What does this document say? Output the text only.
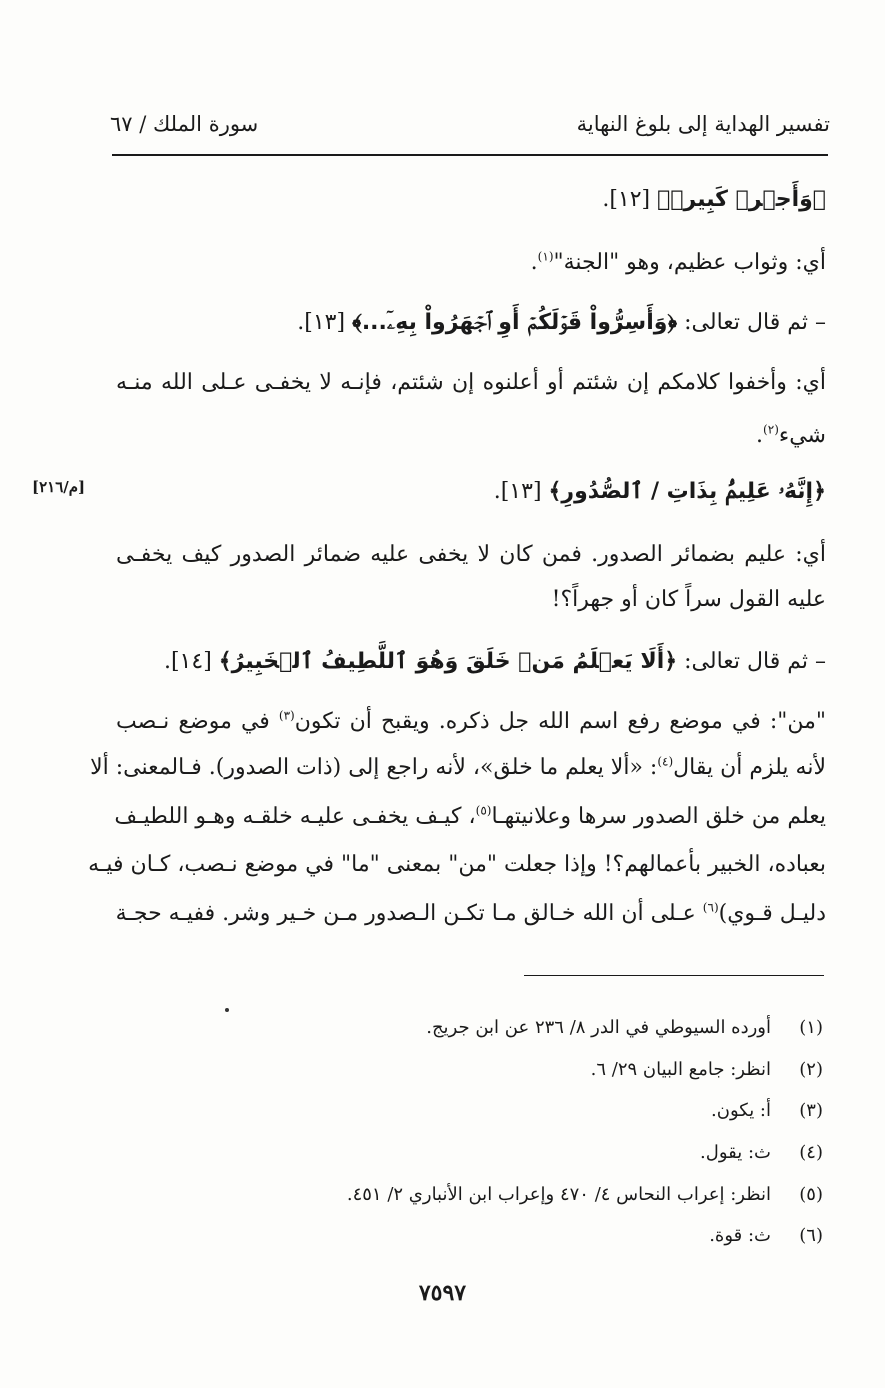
تفسير الهداية إلى بلوغ النهاية
سورة الملك / ٦٧
﴿وَأَجۡرٞ كَبِيرٞ﴾ [١٢].
أي: وثواب عظيم، وهو "الجنة"$^{(١)}$.
– ثم قال تعالى: ﴿وَأَسِرُّواْ قَوۡلَكُمۡ أَوِ ٱجۡهَرُواْ بِهِۦٓ...﴾ [١٣].
أي: وأخفوا كلامكم إن شئتم أو أعلنوه إن شئتم، فإنـه لا يخفـى عـلى الله منـه
شيء$^{(٢)}$.
[م/٢١٦]	﴿إِنَّهُۥ عَلِيمُۢ بِذَاتِ / ٱلصُّدُورِ﴾ [١٣].
أي: عليم بضمائر الصدور. فمن كان لا يخفى عليه ضمائر الصدور كيف يخفـى
عليه القول سراً كان أو جهراً؟!
– ثم قال تعالى: ﴿أَلَا يَعۡلَمُ مَنۡ خَلَقَ وَهُوَ ٱللَّطِيفُ ٱلۡخَبِيرُ﴾ [١٤].
"من": في موضع رفع اسم الله جل ذكره. ويقبح أن تكون$^{(٣)}$ في موضع نـصب
لأنه يلزم أن يقال$^{(٤)}$: «ألا يعلم ما خلق»، لأنه راجع إلى (ذات الصدور). فـالمعنى: ألا
يعلم من خلق الصدور سرها وعلانيتهـا$^{(٥)}$، كيـف يخفـى عليـه خلقـه وهـو اللطيـف
بعباده، الخبير بأعمالهم؟! وإذا جعلت "من" بمعنى "ما" في موضع نـصب، كـان فيـه
دليـل قـوي)$^{(٦)}$ عـلى أن الله خـالق مـا تكـن الـصدور مـن خـير وشر. ففيـه حجـة
(١)أورده السيوطي في الدر ٨/ ٢٣٦ عن ابن جريج.
(٢)انظر: جامع البيان ٢٩/ ٦.
(٣)أ: يكون.
(٤)ث: يقول.
(٥)انظر: إعراب النحاس ٤/ ٤٧٠ وإعراب ابن الأنباري ٢/ ٤٥١.
(٦)ث: قوة.
٧٥٩٧
